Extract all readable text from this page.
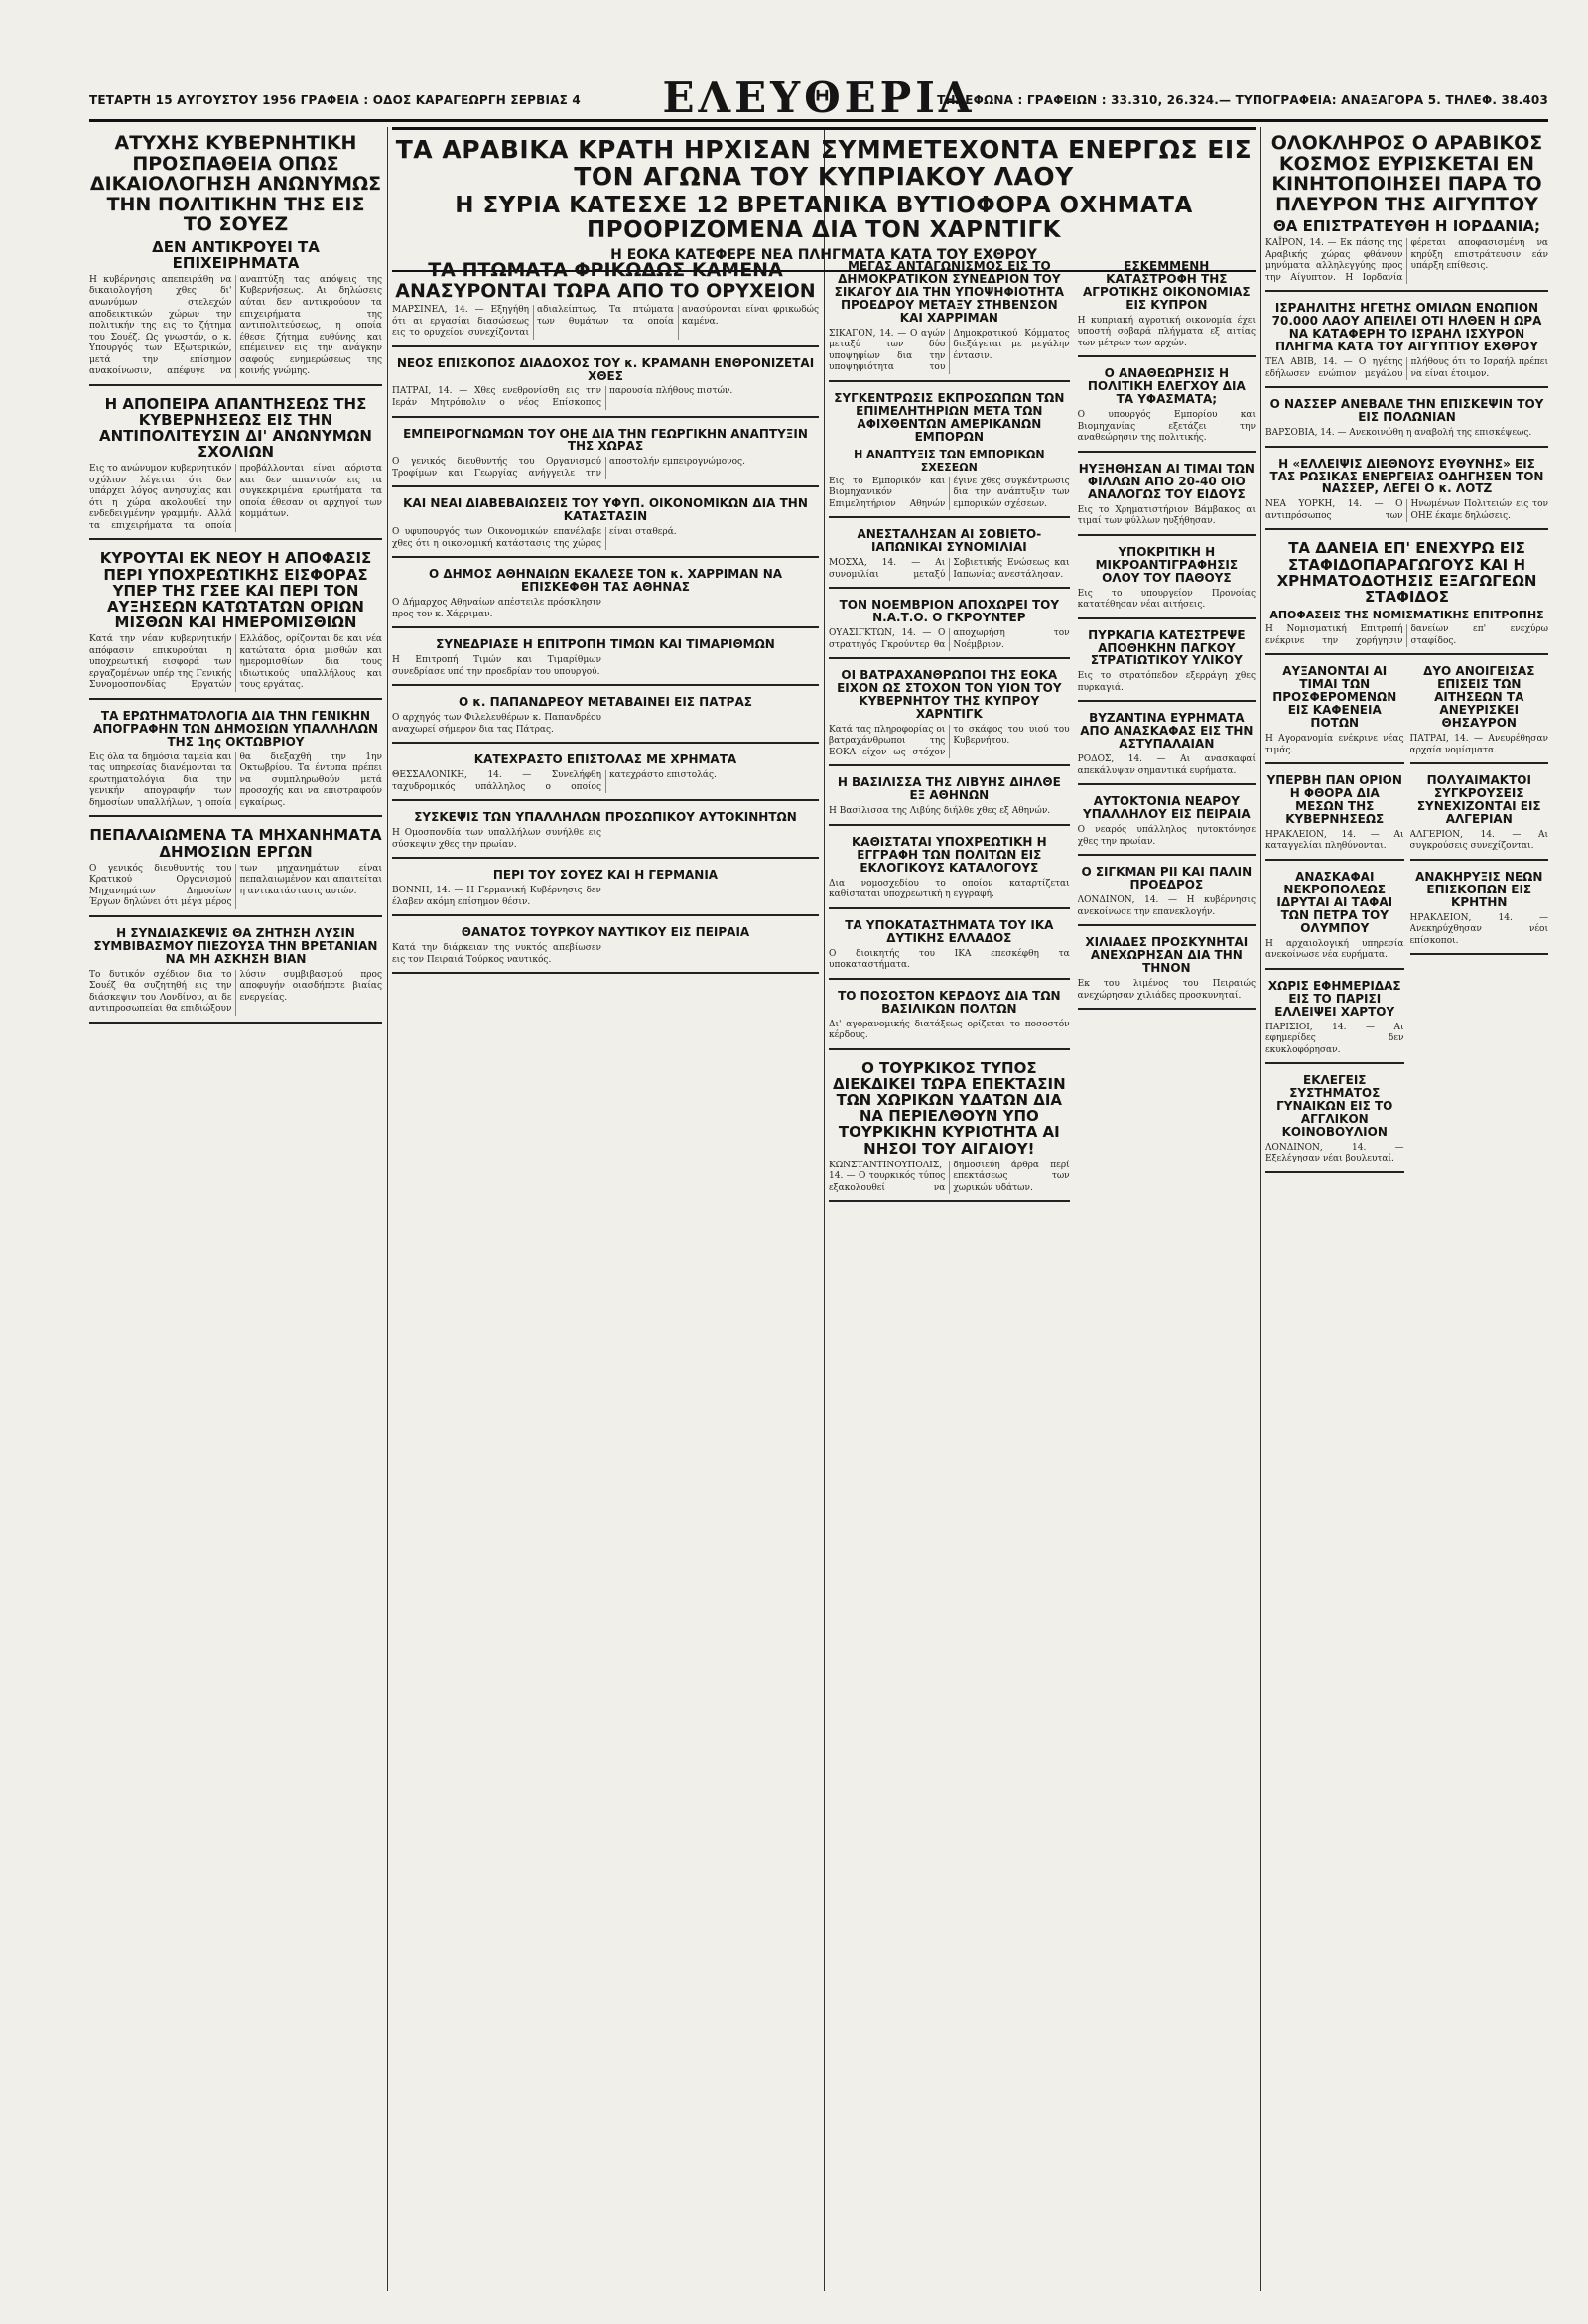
ΤΕΤΑΡΤΗ 15 ΑΥΓΟΥΣΤΟΥ 1956 ΓΡΑΦΕΙΑ : ΟΔΟΣ ΚΑΡΑΓΕΩΡΓΗ ΣΕΡΒΙΑΣ 4	ΕΛΕΥΘΕΡΙΑ
ΤΗΛΕΦΩΝΑ : ΓΡΑΦΕΙΩΝ : 33.310, 26.324.— ΤΥΠΟΓΡΑΦΕΙΑ: ΑΝΑΞΑΓΟΡΑ 5. ΤΗΛΕΦ. 38.403
ΑΤΥΧΗΣ ΚΥΒΕΡΝΗΤΙΚΗ ΠΡΟΣΠΑΘΕΙΑ ΟΠΩΣ ΔΙΚΑΙΟΛΟΓΗΣΗ ΑΝΩΝΥΜΩΣ ΤΗΝ ΠΟΛΙΤΙΚΗΝ ΤΗΣ ΕΙΣ ΤΟ ΣΟΥΕΖ
ΔΕΝ ΑΝΤΙΚΡΟΥΕΙ ΤΑ ΕΠΙΧΕΙΡΗΜΑΤΑ
Η κυβέρνησις απεπειράθη να δικαιολογήση χθες δι' ανωνύμων στελεχών αποδεικτικών χώρων την πολιτικήν της εις το ζήτημα του Σουέζ. Ως γνωστόν, ο κ. Υπουργός των Εξωτερικών, μετά την επίσημον ανακοίνωσιν, απέφυγε να αναπτύξη τας απόψεις της Κυβερνήσεως. Αι δηλώσεις αύται δεν αντικρούουν τα επιχειρήματα της αντιπολιτεύσεως, η οποία έθεσε ζήτημα ευθύνης και επέμεινεν εις την ανάγκην σαφούς ενημερώσεως της κοινής γνώμης.
Η ΑΠΟΠΕΙΡΑ ΑΠΑΝΤΗΣΕΩΣ ΤΗΣ ΚΥΒΕΡΝΗΣΕΩΣ ΕΙΣ ΤΗΝ ΑΝΤΙΠΟΛΙΤΕΥΣΙΝ ΔΙ' ΑΝΩΝΥΜΩΝ ΣΧΟΛΙΩΝ
Εις το ανώνυμον κυβερνητικόν σχόλιον λέγεται ότι δεν υπάρχει λόγος ανησυχίας και ότι η χώρα ακολουθεί την ενδεδειγμένην γραμμήν. Αλλά τα επιχειρήματα τα οποία προβάλλονται είναι αόριστα και δεν απαντούν εις τα συγκεκριμένα ερωτήματα τα οποία έθεσαν οι αρχηγοί των κομμάτων.
ΚΥΡΟΥΤΑΙ ΕΚ ΝΕΟΥ Η ΑΠΟΦΑΣΙΣ ΠΕΡΙ ΥΠΟΧΡΕΩΤΙΚΗΣ ΕΙΣΦΟΡΑΣ ΥΠΕΡ ΤΗΣ ΓΣΕΕ ΚΑΙ ΠΕΡΙ ΤΟΝ ΑΥΞΗΣΕΩΝ ΚΑΤΩΤΑΤΩΝ ΟΡΙΩΝ ΜΙΣΘΩΝ ΚΑΙ ΗΜΕΡΟΜΙΣΘΙΩΝ
Κατά την νέαν κυβερνητικήν απόφασιν επικυρούται η υποχρεωτική εισφορά των εργαζομένων υπέρ της Γενικής Συνομοσπονδίας Εργατών Ελλάδος, ορίζονται δε και νέα κατώτατα όρια μισθών και ημερομισθίων δια τους ιδιωτικούς υπαλλήλους και τους εργάτας.
ΤΑ ΕΡΩΤΗΜΑΤΟΛΟΓΙΑ ΔΙΑ ΤΗΝ ΓΕΝΙΚΗΝ ΑΠΟΓΡΑΦΗΝ ΤΩΝ ΔΗΜΟΣΙΩΝ ΥΠΑΛΛΗΛΩΝ ΤΗΣ 1ης ΟΚΤΩΒΡΙΟΥ
Εις όλα τα δημόσια ταμεία και τας υπηρεσίας διανέμονται τα ερωτηματολόγια δια την γενικήν απογραφήν των δημοσίων υπαλλήλων, η οποία θα διεξαχθή την 1ην Οκτωβρίου. Τα έντυπα πρέπει να συμπληρωθούν μετά προσοχής και να επιστραφούν εγκαίρως.
ΠΕΠΑΛΑΙΩΜΕΝΑ ΤΑ ΜΗΧΑΝΗΜΑΤΑ ΔΗΜΟΣΙΩΝ ΕΡΓΩΝ
Ο γενικός διευθυντής του Κρατικού Οργανισμού Μηχανημάτων Δημοσίων Έργων δηλώνει ότι μέγα μέρος των μηχανημάτων είναι πεπαλαιωμένον και απαιτείται η αντικατάστασις αυτών.
Η ΣΥΝΔΙΑΣΚΕΨΙΣ ΘΑ ΖΗΤΗΣΗ ΛΥΣΙΝ ΣΥΜΒΙΒΑΣΜΟΥ ΠΙΕΖΟΥΣΑ ΤΗΝ ΒΡΕΤΑΝΙΑΝ ΝΑ ΜΗ ΑΣΚΗΣΗ ΒΙΑΝ
Το δυτικόν σχέδιον δια το Σουέζ θα συζητηθή εις την διάσκεψιν του Λονδίνου, αι δε αντιπροσωπείαι θα επιδιώξουν λύσιν συμβιβασμού προς αποφυγήν οιασδήποτε βιαίας ενεργείας.
ΤΑ ΑΡΑΒΙΚΑ ΚΡΑΤΗ ΗΡΧΙΣΑΝ ΣΥΜΜΕΤΕΧΟΝΤΑ ΕΝΕΡΓΩΣ ΕΙΣ ΤΟΝ ΑΓΩΝΑ ΤΟΥ ΚΥΠΡΙΑΚΟΥ ΛΑΟΥ
Η ΣΥΡΙΑ ΚΑΤΕΣΧΕ 12 ΒΡΕΤΑΝΙΚΑ ΒΥΤΙΟΦΟΡΑ ΟΧΗΜΑΤΑ ΠΡΟΟΡΙΖΟΜΕΝΑ ΔΙΑ ΤΟΝ ΧΑΡΝΤΙΓΚ
Η ΕΟΚΑ ΚΑΤΕΦΕΡΕ ΝΕΑ ΠΛΗΓΜΑΤΑ ΚΑΤΑ ΤΟΥ ΕΧΘΡΟΥ
ΤΑ ΠΤΩΜΑΤΑ ΦΡΙΚΩΔΩΣ ΚΑΜΕΝΑ ΑΝΑΣΥΡΟΝΤΑΙ ΤΩΡΑ ΑΠΟ ΤΟ ΟΡΥΧΕΙΟΝ
ΜΑΡΣΙΝΕΛ, 14. — Εξηγήθη ότι αι εργασίαι διασώσεως εις το ορυχείον συνεχίζονται αδιαλείπτως. Τα πτώματα των θυμάτων τα οποία ανασύρονται είναι φρικωδώς καμένα.
ΝΕΟΣ ΕΠΙΣΚΟΠΟΣ ΔΙΑΔΟΧΟΣ ΤΟΥ κ. ΚΡΑΜΑΝΗ ΕΝΘΡΟΝΙΖΕΤΑΙ ΧΘΕΣ
ΠΑΤΡΑΙ, 14. — Χθες ενεθρονίσθη εις την Ιεράν Μητρόπολιν ο νέος Επίσκοπος παρουσία πλήθους πιστών.
ΕΜΠΕΙΡΟΓΝΩΜΩΝ ΤΟΥ ΟΗΕ ΔΙΑ ΤΗΝ ΓΕΩΡΓΙΚΗΝ ΑΝΑΠΤΥΞΙΝ ΤΗΣ ΧΩΡΑΣ
Ο γενικός διευθυντής του Οργανισμού Τροφίμων και Γεωργίας ανήγγειλε την αποστολήν εμπειρογνώμονος.
ΚΑΙ ΝΕΑΙ ΔΙΑΒΕΒΑΙΩΣΕΙΣ ΤΟΥ ΥΦΥΠ. ΟΙΚΟΝΟΜΙΚΩΝ ΔΙΑ ΤΗΝ ΚΑΤΑΣΤΑΣΙΝ
Ο υφυπουργός των Οικονομικών επανέλαβε χθες ότι η οικονομική κατάστασις της χώρας είναι σταθερά.
Ο ΔΗΜΟΣ ΑΘΗΝΑΙΩΝ ΕΚΑΛΕΣΕ ΤΟΝ κ. ΧΑΡΡΙΜΑΝ ΝΑ ΕΠΙΣΚΕΦΘΗ ΤΑΣ ΑΘΗΝΑΣ
Ο Δήμαρχος Αθηναίων απέστειλε πρόσκλησιν προς τον κ. Χάρριμαν.
ΣΥΝΕΔΡΙΑΣΕ Η ΕΠΙΤΡΟΠΗ ΤΙΜΩΝ ΚΑΙ ΤΙΜΑΡΙΘΜΩΝ
Η Επιτροπή Τιμών και Τιμαρίθμων συνεδρίασε υπό την προεδρίαν του υπουργού.
Ο κ. ΠΑΠΑΝΔΡΕΟΥ ΜΕΤΑΒΑΙΝΕΙ ΕΙΣ ΠΑΤΡΑΣ
Ο αρχηγός των Φιλελευθέρων κ. Παπανδρέου αναχωρεί σήμερον δια τας Πάτρας.
ΚΑΤΕΧΡΑΣΤΟ ΕΠΙΣΤΟΛΑΣ ΜΕ ΧΡΗΜΑΤΑ
ΘΕΣΣΑΛΟΝΙΚΗ, 14. — Συνελήφθη ταχυδρομικός υπάλληλος ο οποίος κατεχράστο επιστολάς.
ΣΥΣΚΕΨΙΣ ΤΩΝ ΥΠΑΛΛΗΛΩΝ ΠΡΟΣΩΠΙΚΟΥ ΑΥΤΟΚΙΝΗΤΩΝ
Η Ομοσπονδία των υπαλλήλων συνήλθε εις σύσκεψιν χθες την πρωίαν.
ΠΕΡΙ ΤΟΥ ΣΟΥΕΖ ΚΑΙ Η ΓΕΡΜΑΝΙΑ
ΒΟΝΝΗ, 14. — Η Γερμανική Κυβέρνησις δεν έλαβεν ακόμη επίσημον θέσιν.
ΘΑΝΑΤΟΣ ΤΟΥΡΚΟΥ ΝΑΥΤΙΚΟΥ ΕΙΣ ΠΕΙΡΑΙΑ
Κατά την διάρκειαν της νυκτός απεβίωσεν εις τον Πειραιά Τούρκος ναυτικός.
ΜΕΓΑΣ ΑΝΤΑΓΩΝΙΣΜΟΣ ΕΙΣ ΤΟ ΔΗΜΟΚΡΑΤΙΚΟΝ ΣΥΝΕΔΡΙΟΝ ΤΟΥ ΣΙΚΑΓΟΥ ΔΙΑ ΤΗΝ ΥΠΟΨΗΦΙΟΤΗΤΑ ΠΡΟΕΔΡΟΥ ΜΕΤΑΞΥ ΣΤΗΒΕΝΣΟΝ ΚΑΙ ΧΑΡΡΙΜΑΝ
ΣΙΚΑΓΟΝ, 14. — Ο αγών μεταξύ των δύο υποψηφίων δια την υποψηφιότητα του Δημοκρατικού Κόμματος διεξάγεται με μεγάλην έντασιν.
ΣΥΓΚΕΝΤΡΩΣΙΣ ΕΚΠΡΟΣΩΠΩΝ ΤΩΝ ΕΠΙΜΕΛΗΤΗΡΙΩΝ ΜΕΤΑ ΤΩΝ ΑΦΙΧΘΕΝΤΩΝ ΑΜΕΡΙΚΑΝΩΝ ΕΜΠΟΡΩΝ
Η ΑΝΑΠΤΥΞΙΣ ΤΩΝ ΕΜΠΟΡΙΚΩΝ ΣΧΕΣΕΩΝ
Εις το Εμπορικόν και Βιομηχανικόν Επιμελητήριον Αθηνών έγινε χθες συγκέντρωσις δια την ανάπτυξιν των εμπορικών σχέσεων.
ΑΝΕΣΤΑΛΗΣΑΝ ΑΙ ΣΟΒΙΕΤΟ-ΙΑΠΩΝΙΚΑΙ ΣΥΝΟΜΙΛΙΑΙ
ΜΟΣΧΑ, 14. — Αι συνομιλίαι μεταξύ Σοβιετικής Ενώσεως και Ιαπωνίας ανεστάλησαν.
ΤΟΝ ΝΟΕΜΒΡΙΟΝ ΑΠΟΧΩΡΕΙ ΤΟΥ Ν.Α.Τ.Ο. Ο ΓΚΡΟΥΝΤΕΡ
ΟΥΑΣΙΓΚΤΩΝ, 14. — Ο στρατηγός Γκρούντερ θα αποχωρήση τον Νοέμβριον.
ΟΙ ΒΑΤΡΑΧΑΝΘΡΩΠΟΙ ΤΗΣ ΕΟΚΑ ΕΙΧΟΝ ΩΣ ΣΤΟΧΟΝ ΤΟΝ ΥΙΟΝ ΤΟΥ ΚΥΒΕΡΝΗΤΟΥ ΤΗΣ ΚΥΠΡΟΥ ΧΑΡΝΤΙΓΚ
Κατά τας πληροφορίας οι βατραχάνθρωποι της ΕΟΚΑ είχον ως στόχον το σκάφος του υιού του Κυβερνήτου.
Η ΒΑΣΙΛΙΣΣΑ ΤΗΣ ΛΙΒΥΗΣ ΔΙΗΛΘΕ ΕΞ ΑΘΗΝΩΝ
Η Βασίλισσα της Λιβύης διήλθε χθες εξ Αθηνών.
ΚΑΘΙΣΤΑΤΑΙ ΥΠΟΧΡΕΩΤΙΚΗ Η ΕΓΓΡΑΦΗ ΤΩΝ ΠΟΛΙΤΩΝ ΕΙΣ ΕΚΛΟΓΙΚΟΥΣ ΚΑΤΑΛΟΓΟΥΣ
Δια νομοσχεδίου το οποίον καταρτίζεται καθίσταται υποχρεωτική η εγγραφή.
ΤΑ ΥΠΟΚΑΤΑΣΤΗΜΑΤΑ ΤΟΥ ΙΚΑ ΔΥΤΙΚΗΣ ΕΛΛΑΔΟΣ
Ο διοικητής του ΙΚΑ επεσκέφθη τα υποκαταστήματα.
ΤΟ ΠΟΣΟΣΤΟΝ ΚΕΡΔΟΥΣ ΔΙΑ ΤΩΝ ΒΑΣΙΛΙΚΩΝ ΠΟΛΤΩΝ
Δι' αγορανομικής διατάξεως ορίζεται το ποσοστόν κέρδους.
Ο ΤΟΥΡΚΙΚΟΣ ΤΥΠΟΣ ΔΙΕΚΔΙΚΕΙ ΤΩΡΑ ΕΠΕΚΤΑΣΙΝ ΤΩΝ ΧΩΡΙΚΩΝ ΥΔΑΤΩΝ ΔΙΑ ΝΑ ΠΕΡΙΕΛΘΟΥΝ ΥΠΟ ΤΟΥΡΚΙΚΗΝ ΚΥΡΙΟΤΗΤΑ ΑΙ ΝΗΣΟΙ ΤΟΥ ΑΙΓΑΙΟΥ!
ΚΩΝΣΤΑΝΤΙΝΟΥΠΟΛΙΣ, 14. — Ο τουρκικός τύπος εξακολουθεί να δημοσιεύη άρθρα περί επεκτάσεως των χωρικών υδάτων.
ΕΣΚΕΜΜΕΝΗ ΚΑΤΑΣΤΡΟΦΗ ΤΗΣ ΑΓΡΟΤΙΚΗΣ ΟΙΚΟΝΟΜΙΑΣ ΕΙΣ ΚΥΠΡΟΝ
Η κυπριακή αγροτική οικονομία έχει υποστή σοβαρά πλήγματα εξ αιτίας των μέτρων των αρχών.
Ο ΑΝΑΘΕΩΡΗΣΙΣ Η ΠΟΛΙΤΙΚΗ ΕΛΕΓΧΟΥ ΔΙΑ ΤΑ ΥΦΑΣΜΑΤΑ;
Ο υπουργός Εμπορίου και Βιομηχανίας εξετάζει την αναθεώρησιν της πολιτικής.
ΗΥΞΗΘΗΣΑΝ ΑΙ ΤΙΜΑΙ ΤΩΝ ΦΙΛΛΩΝ ΑΠΟ 20-40 ΟΙΟ ΑΝΑΛΟΓΩΣ ΤΟΥ ΕΙΔΟΥΣ
Εις το Χρηματιστήριον Βάμβακος αι τιμαί των φύλλων ηυξήθησαν.
ΥΠΟΚΡΙΤΙΚΗ Η ΜΙΚΡΟΑΝΤΙΓΡΑΦΗΣΙΣ ΟΛΟΥ ΤΟΥ ΠΑΘΟΥΣ
Εις το υπουργείον Προνοίας κατατέθησαν νέαι αιτήσεις.
ΠΥΡΚΑΓΙΑ ΚΑΤΕΣΤΡΕΨΕ ΑΠΟΘΗΚΗΝ ΠΑΓΚΟΥ ΣΤΡΑΤΙΩΤΙΚΟΥ ΥΛΙΚΟΥ
Εις το στρατόπεδον εξερράγη χθες πυρκαγιά.
ΒΥΖΑΝΤΙΝΑ ΕΥΡΗΜΑΤΑ ΑΠΟ ΑΝΑΣΚΑΦΑΣ ΕΙΣ ΤΗΝ ΑΣΤΥΠΑΛΑΙΑΝ
ΡΟΔΟΣ, 14. — Αι ανασκαφαί απεκάλυψαν σημαντικά ευρήματα.
ΑΥΤΟΚΤΟΝΙΑ ΝΕΑΡΟΥ ΥΠΑΛΛΗΛΟΥ ΕΙΣ ΠΕΙΡΑΙΑ
Ο νεαρός υπάλληλος ηυτοκτόνησε χθες την πρωίαν.
Ο ΣΙΓΚΜΑΝ ΡΙΙ ΚΑΙ ΠΑΛΙΝ ΠΡΟΕΔΡΟΣ
ΛΟΝΔΙΝΟΝ, 14. — Η κυβέρνησις ανεκοίνωσε την επανεκλογήν.
ΧΙΛΙΑΔΕΣ ΠΡΟΣΚΥΝΗΤΑΙ ΑΝΕΧΩΡΗΣΑΝ ΔΙΑ ΤΗΝ ΤΗΝΟΝ
Εκ του λιμένος του Πειραιώς ανεχώρησαν χιλιάδες προσκυνηταί.
ΟΛΟΚΛΗΡΟΣ Ο ΑΡΑΒΙΚΟΣ ΚΟΣΜΟΣ ΕΥΡΙΣΚΕΤΑΙ ΕΝ ΚΙΝΗΤΟΠΟΙΗΣΕΙ ΠΑΡΑ ΤΟ ΠΛΕΥΡΟΝ ΤΗΣ ΑΙΓΥΠΤΟΥ
ΘΑ ΕΠΙΣΤΡΑΤΕΥΘΗ Η ΙΟΡΔΑΝΙΑ;
ΚΑΪΡΟΝ, 14. — Εκ πάσης της Αραβικής χώρας φθάνουν μηνύματα αλληλεγγύης προς την Αίγυπτον. Η Ιορδανία φέρεται αποφασισμένη να κηρύξη επιστράτευσιν εάν υπάρξη επίθεσις.
ΙΣΡΑΗΛΙΤΗΣ ΗΓΕΤΗΣ ΟΜΙΛΩΝ ΕΝΩΠΙΟΝ 70.000 ΛΑΟΥ ΑΠΕΙΛΕΙ ΟΤΙ ΗΛΘΕΝ Η ΩΡΑ ΝΑ ΚΑΤΑΦΕΡΗ ΤΟ ΙΣΡΑΗΛ ΙΣΧΥΡΟΝ ΠΛΗΓΜΑ ΚΑΤΑ ΤΟΥ ΑΙΓΥΠΤΙΟΥ ΕΧΘΡΟΥ
ΤΕΛ ΑΒΙΒ, 14. — Ο ηγέτης εδήλωσεν ενώπιον μεγάλου πλήθους ότι το Ισραήλ πρέπει να είναι έτοιμον.
Ο ΝΑΣΣΕΡ ΑΝΕΒΑΛΕ ΤΗΝ ΕΠΙΣΚΕΨΙΝ ΤΟΥ ΕΙΣ ΠΟΛΩΝΙΑΝ
ΒΑΡΣΟΒΙΑ, 14. — Ανεκοινώθη η αναβολή της επισκέψεως.
Η «ΕΛΛΕΙΨΙΣ ΔΙΕΘΝΟΥΣ ΕΥΘΥΝΗΣ» ΕΙΣ ΤΑΣ ΡΩΣΙΚΑΣ ΕΝΕΡΓΕΙΑΣ ΟΔΗΓΗΣΕΝ ΤΟΝ ΝΑΣΣΕΡ, ΛΕΓΕΙ Ο κ. ΛΟΤΖ
ΝΕΑ ΥΟΡΚΗ, 14. — Ο αντιπρόσωπος των Ηνωμένων Πολιτειών εις τον ΟΗΕ έκαμε δηλώσεις.
ΤΑ ΔΑΝΕΙΑ ΕΠ' ΕΝΕΧΥΡΩ ΕΙΣ ΣΤΑΦΙΔΟΠΑΡΑΓΩΓΟΥΣ ΚΑΙ Η ΧΡΗΜΑΤΟΔΟΤΗΣΙΣ ΕΞΑΓΩΓΕΩΝ ΣΤΑΦΙΔΟΣ
ΑΠΟΦΑΣΕΙΣ ΤΗΣ ΝΟΜΙΣΜΑΤΙΚΗΣ ΕΠΙΤΡΟΠΗΣ
Η Νομισματική Επιτροπή ενέκρινε την χορήγησιν δανείων επ' ενεχύρω σταφίδος.
ΑΥΞΑΝΟΝΤΑΙ ΑΙ ΤΙΜΑΙ ΤΩΝ ΠΡΟΣΦΕΡΟΜΕΝΩΝ ΕΙΣ ΚΑΦΕΝΕΙΑ ΠΟΤΩΝ
Η Αγορανομία ενέκρινε νέας τιμάς.
ΥΠΕΡΒΗ ΠΑΝ ΟΡΙΟΝ Η ΦΘΟΡΑ ΔΙΑ ΜΕΣΩΝ ΤΗΣ ΚΥΒΕΡΝΗΣΕΩΣ
ΗΡΑΚΛΕΙΟΝ, 14. — Αι καταγγελίαι πληθύνονται.
ΑΝΑΣΚΑΦΑΙ ΝΕΚΡΟΠΟΛΕΩΣ ΙΔΡΥΤΑΙ ΑΙ ΤΑΦΑΙ ΤΩΝ ΠΕΤΡΑ ΤΟΥ ΟΛΥΜΠΟΥ
Η αρχαιολογική υπηρεσία ανεκοίνωσε νέα ευρήματα.
ΧΩΡΙΣ ΕΦΗΜΕΡΙΔΑΣ ΕΙΣ ΤΟ ΠΑΡΙΣΙ ΕΛΛΕΙΨΕΙ ΧΑΡΤΟΥ
ΠΑΡΙΣΙΟΙ, 14. — Αι εφημερίδες δεν εκυκλοφόρησαν.
ΕΚΛΕΓΕΙΣ ΣΥΣΤΗΜΑΤΟΣ ΓΥΝΑΙΚΩΝ ΕΙΣ ΤΟ ΑΓΓΛΙΚΟΝ ΚΟΙΝΟΒΟΥΛΙΟΝ
ΛΟΝΔΙΝΟΝ, 14. — Εξελέγησαν νέαι βουλευταί.
ΔΥΟ ΑΝΟΙΓΕΙΣΑΣ ΕΠΙΣΕΙΣ ΤΩΝ ΑΙΤΗΣΕΩΝ ΤΑ ΑΝΕΥΡΙΣΚΕΙ ΘΗΣΑΥΡΟΝ
ΠΑΤΡΑΙ, 14. — Ανευρέθησαν αρχαία νομίσματα.
ΠΟΛΥΑΙΜΑΚΤΟΙ ΣΥΓΚΡΟΥΣΕΙΣ ΣΥΝΕΧΙΖΟΝΤΑΙ ΕΙΣ ΑΛΓΕΡΙΑΝ
ΑΛΓΕΡΙΟΝ, 14. — Αι συγκρούσεις συνεχίζονται.
ΑΝΑΚΗΡΥΞΙΣ ΝΕΩΝ ΕΠΙΣΚΟΠΩΝ ΕΙΣ ΚΡΗΤΗΝ
ΗΡΑΚΛΕΙΟΝ, 14. — Ανεκηρύχθησαν νέοι επίσκοποι.
